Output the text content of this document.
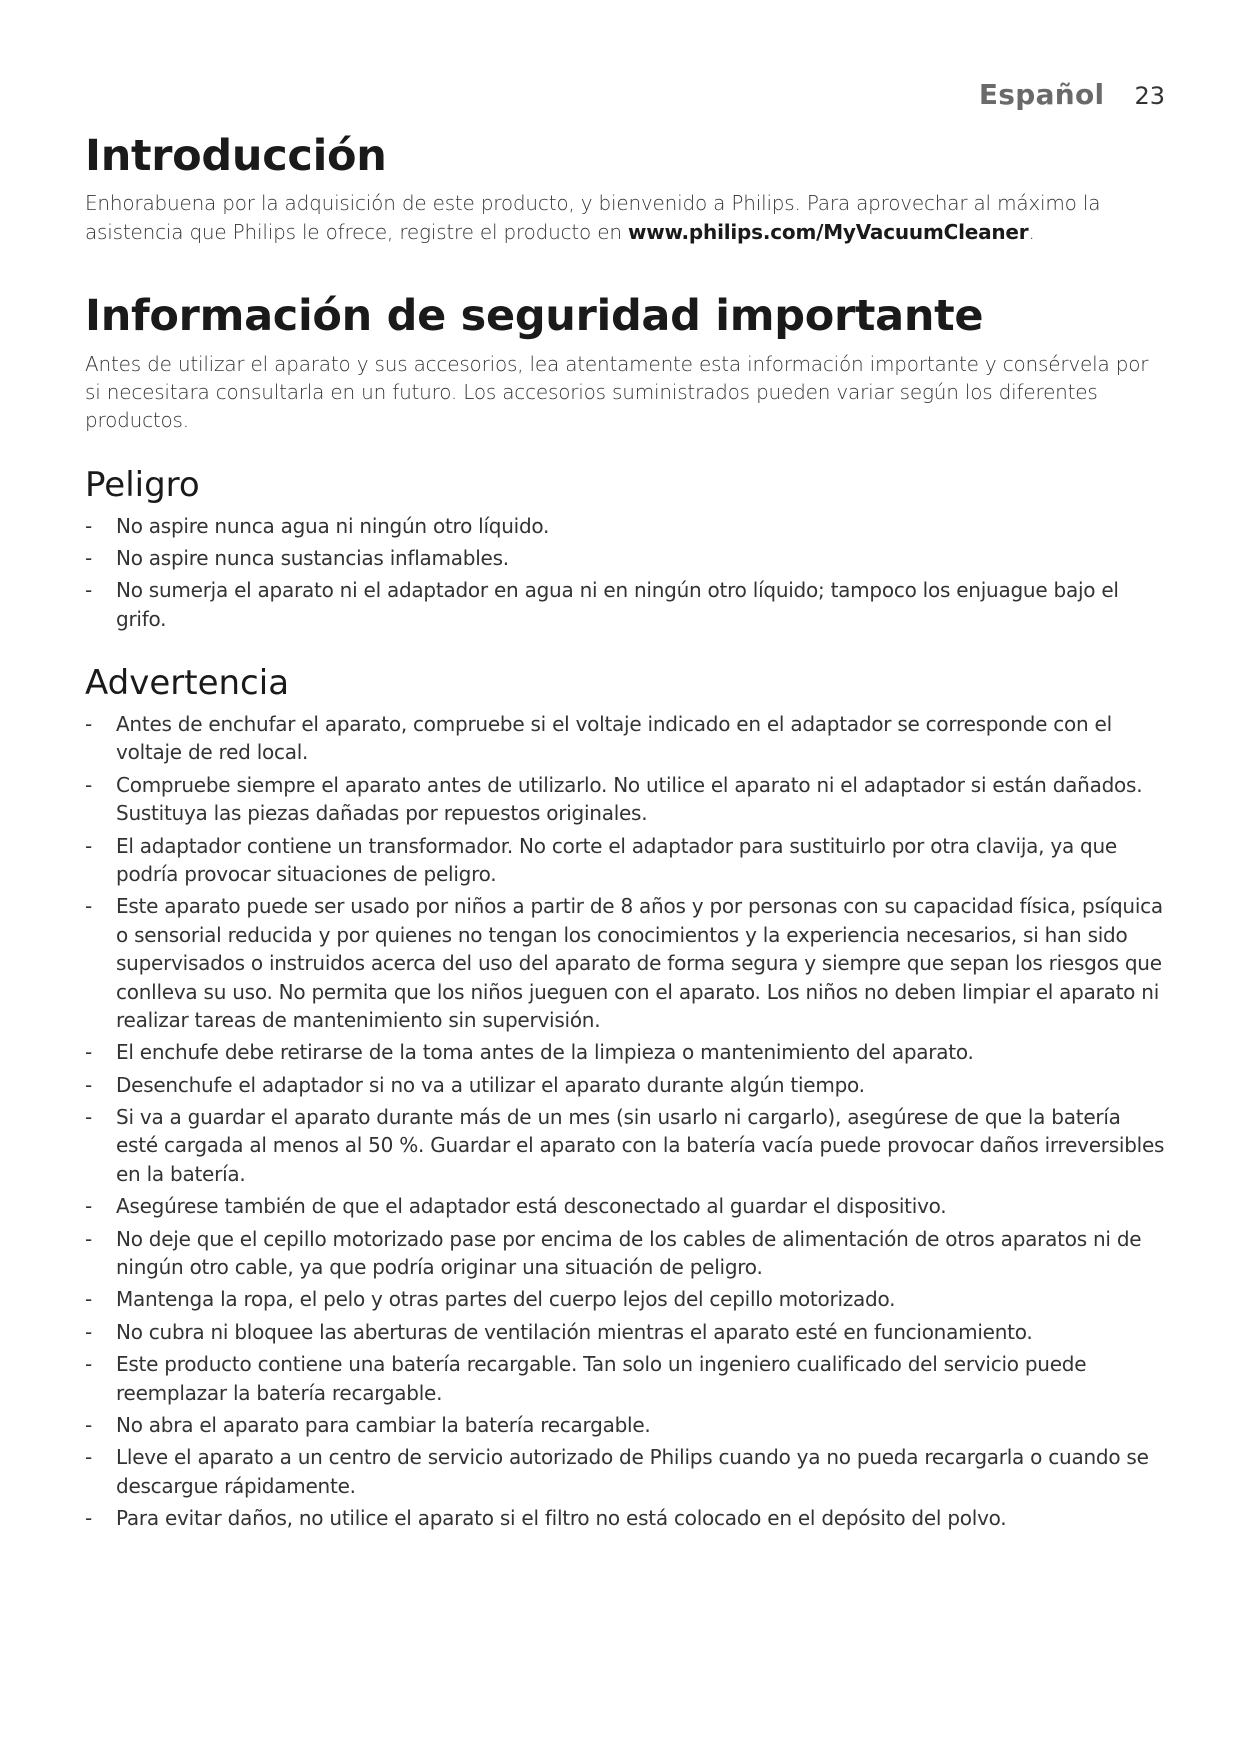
Español 23
Introducción

Enhorabuena por la adquisición de este producto, y bienvenido a Philips. Para aprovechar al máximo la asistencia que Philips le ofrece, registre el producto en www.philips.com/MyVacuumCleaner.

Información de seguridad importante

Antes de utilizar el aparato y sus accesorios, lea atentamente esta información importante y consérvela por si necesitara consultarla en un futuro. Los accesorios suministrados pueden variar según los diferentes productos.

Peligro
- No aspire nunca agua ni ningún otro líquido.
- No aspire nunca sustancias inflamables.
- No sumerja el aparato ni el adaptador en agua ni en ningún otro líquido; tampoco los enjuague bajo el grifo.
Advertencia
- Antes de enchufar el aparato, compruebe si el voltaje indicado en el adaptador se corresponde con el voltaje de red local.
- Compruebe siempre el aparato antes de utilizarlo. No utilice el aparato ni el adaptador si están dañados. Sustituya las piezas dañadas por repuestos originales.
- El adaptador contiene un transformador. No corte el adaptador para sustituirlo por otra clavija, ya que podría provocar situaciones de peligro.
- Este aparato puede ser usado por niños a partir de 8 años y por personas con su capacidad física, psíquica o sensorial reducida y por quienes no tengan los conocimientos y la experiencia necesarios, si han sido supervisados o instruidos acerca del uso del aparato de forma segura y siempre que sepan los riesgos que conlleva su uso. No permita que los niños jueguen con el aparato. Los niños no deben limpiar el aparato ni realizar tareas de mantenimiento sin supervisión.
- El enchufe debe retirarse de la toma antes de la limpieza o mantenimiento del aparato.
- Desenchufe el adaptador si no va a utilizar el aparato durante algún tiempo.
- Si va a guardar el aparato durante más de un mes (sin usarlo ni cargarlo), asegúrese de que la batería esté cargada al menos al 50 %. Guardar el aparato con la batería vacía puede provocar daños irreversibles en la batería.
- Asegúrese también de que el adaptador está desconectado al guardar el dispositivo.
- No deje que el cepillo motorizado pase por encima de los cables de alimentación de otros aparatos ni de ningún otro cable, ya que podría originar una situación de peligro.
- Mantenga la ropa, el pelo y otras partes del cuerpo lejos del cepillo motorizado.
- No cubra ni bloquee las aberturas de ventilación mientras el aparato esté en funcionamiento.
- Este producto contiene una batería recargable. Tan solo un ingeniero cualificado del servicio puede reemplazar la batería recargable.
- No abra el aparato para cambiar la batería recargable.
- Lleve el aparato a un centro de servicio autorizado de Philips cuando ya no pueda recargarla o cuando se descargue rápidamente.
- Para evitar daños, no utilice el aparato si el filtro no está colocado en el depósito del polvo.
